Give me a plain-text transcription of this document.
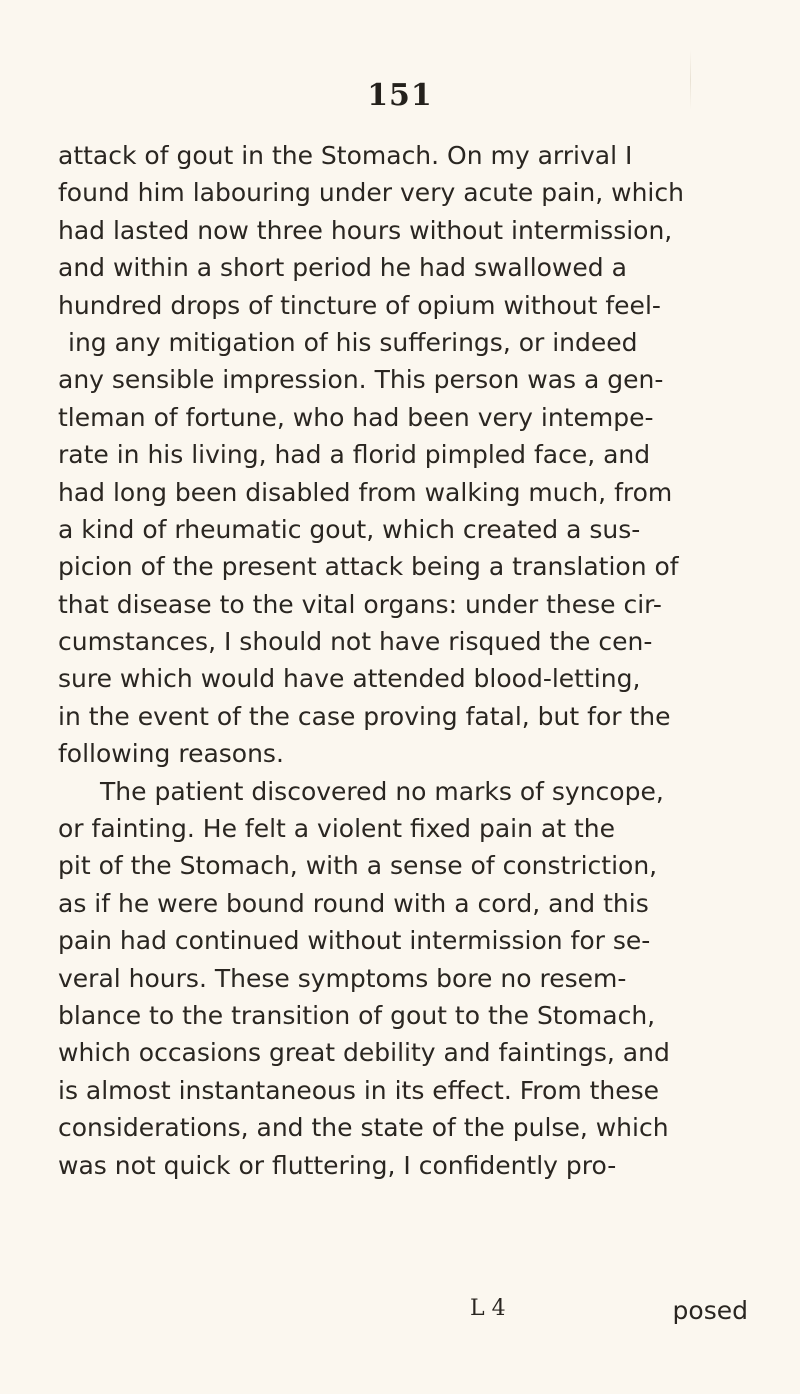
151
attack of gout in the Stomach. On my arrival I
found him labouring under very acute pain, which
had lasted now three hours without intermission,
and within a short period he had swallowed a
hundred drops of tincture of opium without feel-
ing any mitigation of his sufferings, or indeed
any sensible impression. This person was a gen-
tleman of fortune, who had been very intempe-
rate in his living, had a florid pimpled face, and
had long been disabled from walking much, from
a kind of rheumatic gout, which created a sus-
picion of the present attack being a translation of
that disease to the vital organs: under these cir-
cumstances, I should not have risqued the cen-
sure which would have attended blood-letting,
in the event of the case proving fatal, but for the
following reasons.
The patient discovered no marks of syncope,
or fainting. He felt a violent fixed pain at the
pit of the Stomach, with a sense of constriction,
as if he were bound round with a cord, and this
pain had continued without intermission for se-
veral hours. These symptoms bore no resem-
blance to the transition of gout to the Stomach,
which occasions great debility and faintings, and
is almost instantaneous in its effect. From these
considerations, and the state of the pulse, which
was not quick or fluttering, I confidently pro-
L 4	posed
